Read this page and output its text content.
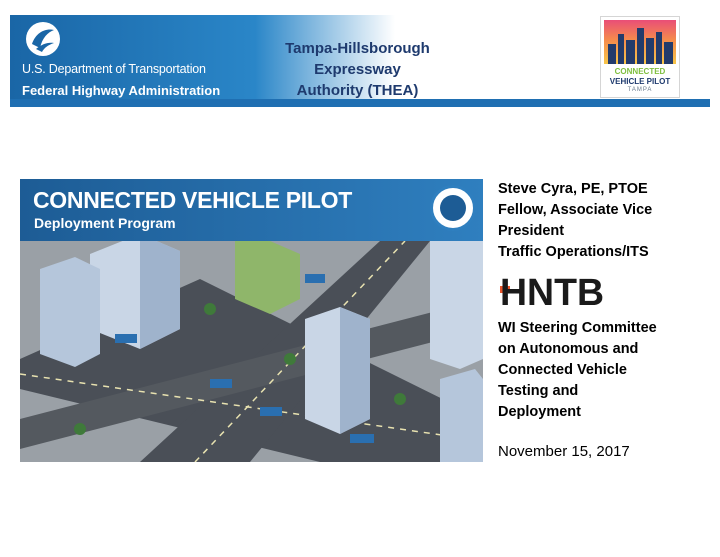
U.S. Department of Transportation
Federal Highway Administration
Tampa-Hillsborough Expressway
Authority (THEA)
CONNECTED
VEHICLE PILOT
TAMPA
CONNECTED VEHICLE PILOT
Deployment Program
Steve Cyra, PE, PTOE
Fellow, Associate Vice
President
Traffic Operations/ITS
HNTB
WI Steering Committee
on Autonomous and
Connected Vehicle
Testing and
Deployment
November 15, 2017
